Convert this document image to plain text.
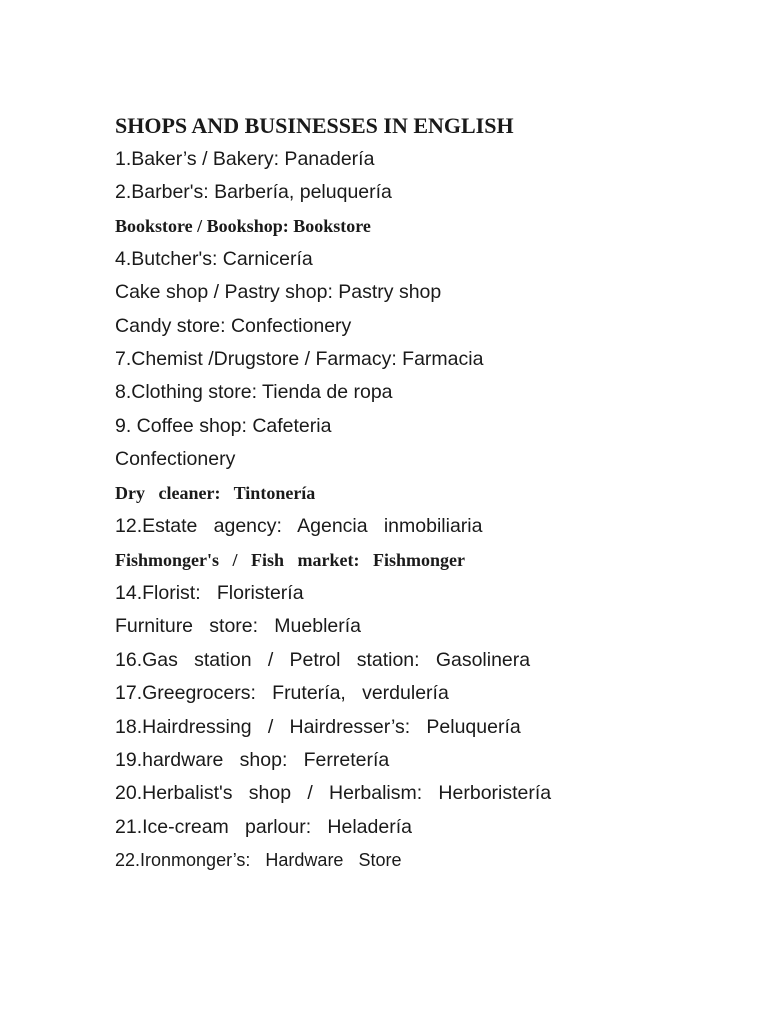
SHOPS AND BUSINESSES IN ENGLISH
1.Baker’s / Bakery: Panadería
2.Barber's: Barbería, peluquería
Bookstore / Bookshop: Bookstore
4.Butcher's: Carnicería
Cake shop / Pastry shop: Pastry shop
Candy store: Confectionery
7.Chemist /Drugstore / Farmacy: Farmacia
8.Clothing store: Tienda de ropa
9. Coffee shop: Cafeteria
Confectionery
Dry   cleaner:   Tintonería
12.Estate   agency:   Agencia   inmobiliaria
Fishmonger's   /   Fish   market:   Fishmonger
14.Florist:   Floristería
Furniture   store:   Mueblería
16.Gas   station   /   Petrol   station:   Gasolinera
17.Greegrocers:   Frutería,   verdulería
18.Hairdressing   /   Hairdresser’s:   Peluquería
19.hardware   shop:   Ferretería
20.Herbalist's   shop   /   Herbalism:   Herboristería
21.Ice-cream   parlour:   Heladería
22.Ironmonger’s:   Hardware   Store
